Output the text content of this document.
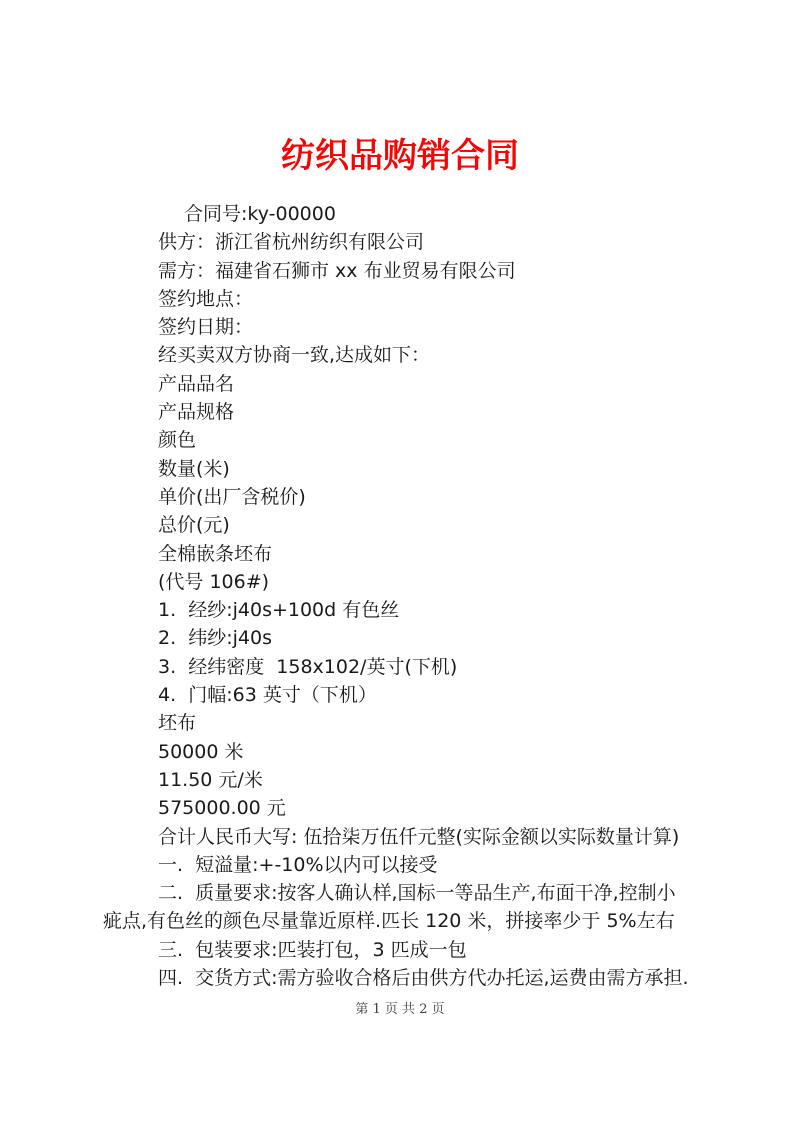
纺织品购销合同
合同号:ky-00000
供方：浙江省杭州纺织有限公司
需方：福建省石狮市 xx 布业贸易有限公司
签约地点：
签约日期：
经买卖双方协商一致,达成如下：
产品品名
产品规格
颜色
数量(米)
单价(出厂含税价)
总价(元)
全棉嵌条坯布
(代号 106#)
1.  经纱:j40s+100d 有色丝
2.  纬纱:j40s
3.  经纬密度  158x102/英寸(下机)
4.  门幅:63 英寸（下机）
坯布
50000 米
11.50 元/米
575000.00 元
合计人民币大写: 伍拾柒万伍仟元整(实际金额以实际数量计算)
一.  短溢量:+-10%以内可以接受
二.  质量要求:按客人确认样,国标一等品生产,布面干净,控制小
疵点,有色丝的颜色尽量靠近原样.匹长 120 米，拼接率少于 5%左右
三.  包装要求:匹装打包，3 匹成一包
四.  交货方式:需方验收合格后由供方代办托运,运费由需方承担.
第 1 页 共 2 页
